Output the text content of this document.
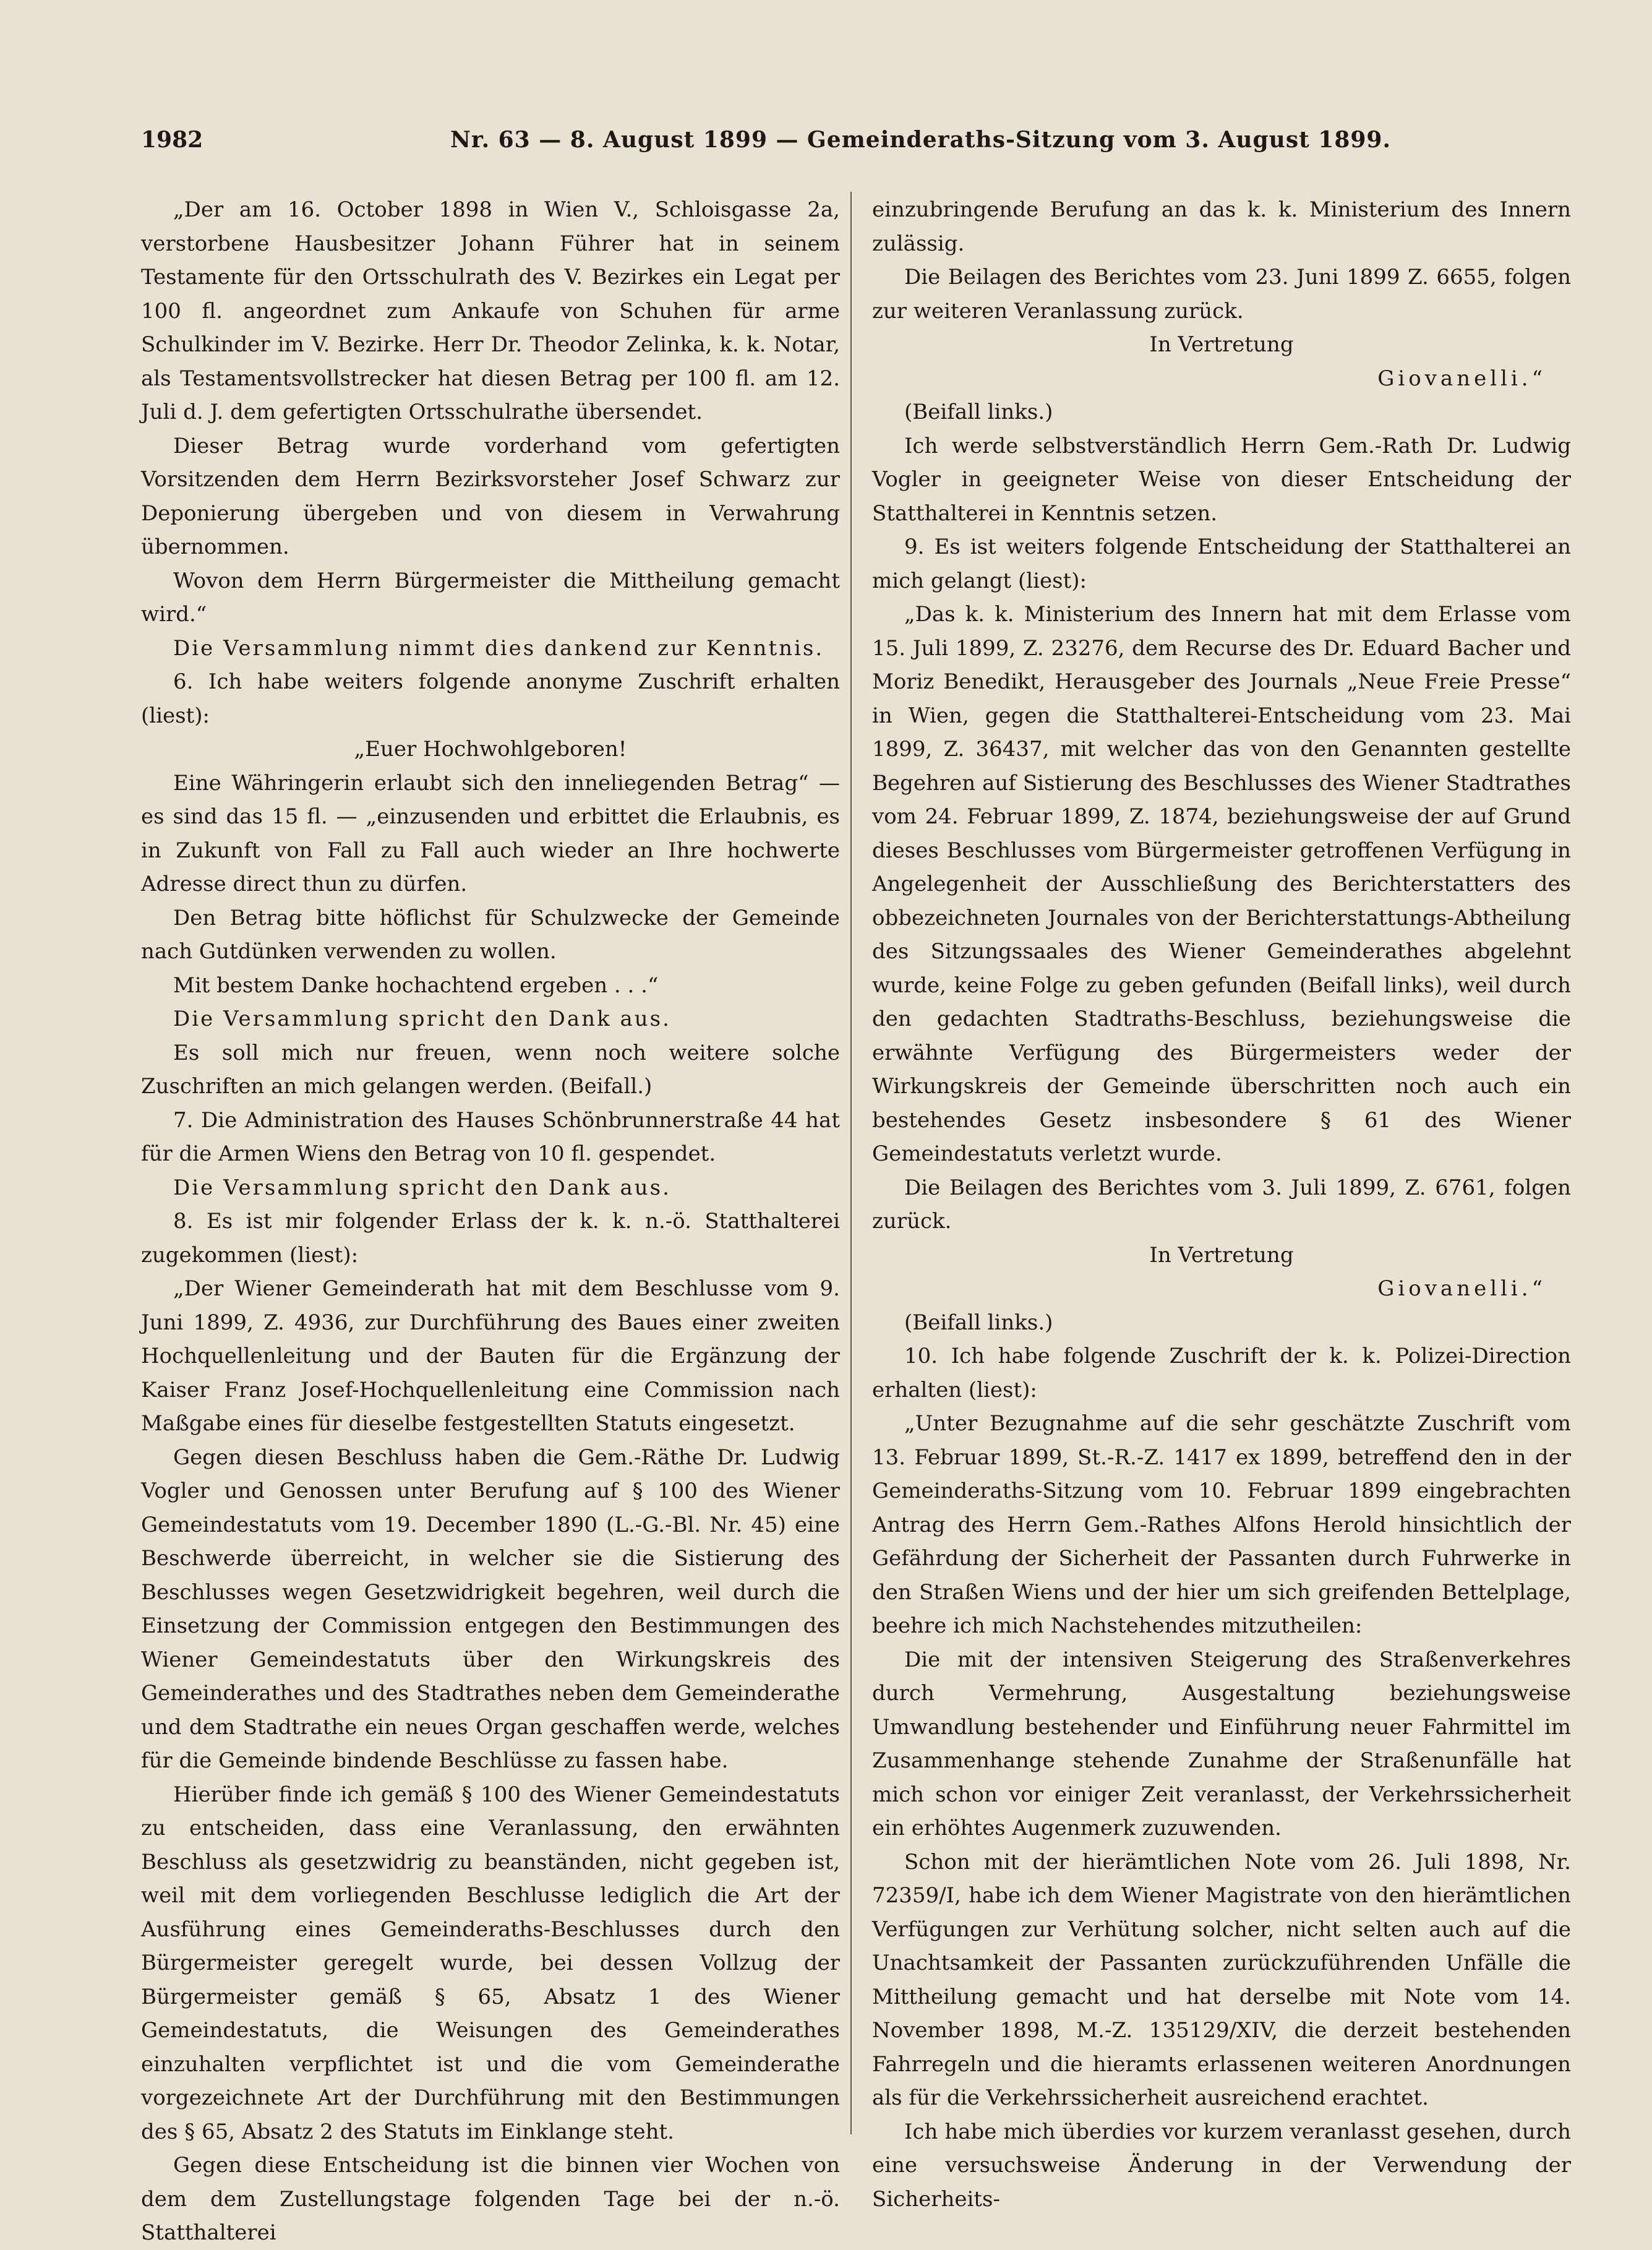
1982	Nr. 63 — 8. August 1899 — Gemeinderaths-Sitzung vom 3. August 1899.

„Der am 16. October 1898 in Wien V., Schloisgasse 2a, verstorbene Hausbesitzer Johann Führer hat in seinem Testamente für den Ortsschulrath des V. Bezirkes ein Legat per 100 fl. angeordnet zum Ankaufe von Schuhen für arme Schulkinder im V. Bezirke. Herr Dr. Theodor Zelinka, k. k. Notar, als Testamentsvollstrecker hat diesen Betrag per 100 fl. am 12. Juli d. J. dem gefertigten Ortsschulrathe übersendet.

Dieser Betrag wurde vorderhand vom gefertigten Vorsitzenden dem Herrn Bezirksvorsteher Josef Schwarz zur Deponierung übergeben und von diesem in Verwahrung übernommen.

Wovon dem Herrn Bürgermeister die Mittheilung gemacht wird.“

Die Versammlung nimmt dies dankend zur Kenntnis.

6. Ich habe weiters folgende anonyme Zuschrift erhalten (liest):

„Euer Hochwohlgeboren!

Eine Währingerin erlaubt sich den inneliegenden Betrag“ — es sind das 15 fl. — „einzusenden und erbittet die Erlaubnis, es in Zukunft von Fall zu Fall auch wieder an Ihre hochwerte Adresse direct thun zu dürfen.

Den Betrag bitte höflichst für Schulzwecke der Gemeinde nach Gutdünken verwenden zu wollen.

Mit bestem Danke hochachtend ergeben . . .“

Die Versammlung spricht den Dank aus.

Es soll mich nur freuen, wenn noch weitere solche Zuschriften an mich gelangen werden. (Beifall.)

7. Die Administration des Hauses Schönbrunnerstraße 44 hat für die Armen Wiens den Betrag von 10 fl. gespendet.

Die Versammlung spricht den Dank aus.

8. Es ist mir folgender Erlass der k. k. n.-ö. Statthalterei zugekommen (liest):

„Der Wiener Gemeinderath hat mit dem Beschlusse vom 9. Juni 1899, Z. 4936, zur Durchführung des Baues einer zweiten Hochquellenleitung und der Bauten für die Ergänzung der Kaiser Franz Josef-Hochquellenleitung eine Commission nach Maßgabe eines für dieselbe festgestellten Statuts eingesetzt.

Gegen diesen Beschluss haben die Gem.-Räthe Dr. Ludwig Vogler und Genossen unter Berufung auf § 100 des Wiener Gemeindestatuts vom 19. December 1890 (L.-G.-Bl. Nr. 45) eine Beschwerde überreicht, in welcher sie die Sistierung des Beschlusses wegen Gesetzwidrigkeit begehren, weil durch die Einsetzung der Commission entgegen den Bestimmungen des Wiener Gemeindestatuts über den Wirkungskreis des Gemeinderathes und des Stadtrathes neben dem Gemeinderathe und dem Stadtrathe ein neues Organ geschaffen werde, welches für die Gemeinde bindende Beschlüsse zu fassen habe.

Hierüber finde ich gemäß § 100 des Wiener Gemeindestatuts zu entscheiden, dass eine Veranlassung, den erwähnten Beschluss als gesetzwidrig zu beanständen, nicht gegeben ist, weil mit dem vorliegenden Beschlusse lediglich die Art der Ausführung eines Gemeinderaths-Beschlusses durch den Bürgermeister geregelt wurde, bei dessen Vollzug der Bürgermeister gemäß § 65, Absatz 1 des Wiener Gemeindestatuts, die Weisungen des Gemeinderathes einzuhalten verpflichtet ist und die vom Gemeinderathe vorgezeichnete Art der Durchführung mit den Bestimmungen des § 65, Absatz 2 des Statuts im Einklange steht.

Gegen diese Entscheidung ist die binnen vier Wochen von dem dem Zustellungstage folgenden Tage bei der n.-ö. Statthalterei

einzubringende Berufung an das k. k. Ministerium des Innern zulässig.

Die Beilagen des Berichtes vom 23. Juni 1899 Z. 6655, folgen zur weiteren Veranlassung zurück.

In Vertretung

Giovanelli.“

(Beifall links.)

Ich werde selbstverständlich Herrn Gem.-Rath Dr. Ludwig Vogler in geeigneter Weise von dieser Entscheidung der Statthalterei in Kenntnis setzen.

9. Es ist weiters folgende Entscheidung der Statthalterei an mich gelangt (liest):

„Das k. k. Ministerium des Innern hat mit dem Erlasse vom 15. Juli 1899, Z. 23276, dem Recurse des Dr. Eduard Bacher und Moriz Benedikt, Herausgeber des Journals „Neue Freie Presse“ in Wien, gegen die Statthalterei-Entscheidung vom 23. Mai 1899, Z. 36437, mit welcher das von den Genannten gestellte Begehren auf Sistierung des Beschlusses des Wiener Stadtrathes vom 24. Februar 1899, Z. 1874, beziehungsweise der auf Grund dieses Beschlusses vom Bürgermeister getroffenen Verfügung in Angelegenheit der Ausschließung des Berichterstatters des obbezeichneten Journales von der Berichterstattungs-Abtheilung des Sitzungssaales des Wiener Gemeinderathes abgelehnt wurde, keine Folge zu geben gefunden (Beifall links), weil durch den gedachten Stadtraths-Beschluss, beziehungsweise die erwähnte Verfügung des Bürgermeisters weder der Wirkungskreis der Gemeinde überschritten noch auch ein bestehendes Gesetz insbesondere § 61 des Wiener Gemeindestatuts verletzt wurde.

Die Beilagen des Berichtes vom 3. Juli 1899, Z. 6761, folgen zurück.

In Vertretung

Giovanelli.“

(Beifall links.)

10. Ich habe folgende Zuschrift der k. k. Polizei-Direction erhalten (liest):

„Unter Bezugnahme auf die sehr geschätzte Zuschrift vom 13. Februar 1899, St.-R.-Z. 1417 ex 1899, betreffend den in der Gemeinderaths-Sitzung vom 10. Februar 1899 eingebrachten Antrag des Herrn Gem.-Rathes Alfons Herold hinsichtlich der Gefährdung der Sicherheit der Passanten durch Fuhrwerke in den Straßen Wiens und der hier um sich greifenden Bettelplage, beehre ich mich Nachstehendes mitzutheilen:

Die mit der intensiven Steigerung des Straßenverkehres durch Vermehrung, Ausgestaltung beziehungsweise Umwandlung bestehender und Einführung neuer Fahrmittel im Zusammenhange stehende Zunahme der Straßenunfälle hat mich schon vor einiger Zeit veranlasst, der Verkehrssicherheit ein erhöhtes Augenmerk zuzuwenden.

Schon mit der hierämtlichen Note vom 26. Juli 1898, Nr. 72359/I, habe ich dem Wiener Magistrate von den hierämtlichen Verfügungen zur Verhütung solcher, nicht selten auch auf die Unachtsamkeit der Passanten zurückzuführenden Unfälle die Mittheilung gemacht und hat derselbe mit Note vom 14. November 1898, M.-Z. 135129/XIV, die derzeit bestehenden Fahrregeln und die hieramts erlassenen weiteren Anordnungen als für die Verkehrssicherheit ausreichend erachtet.

Ich habe mich überdies vor kurzem veranlasst gesehen, durch eine versuchsweise Änderung in der Verwendung der Sicherheits-
